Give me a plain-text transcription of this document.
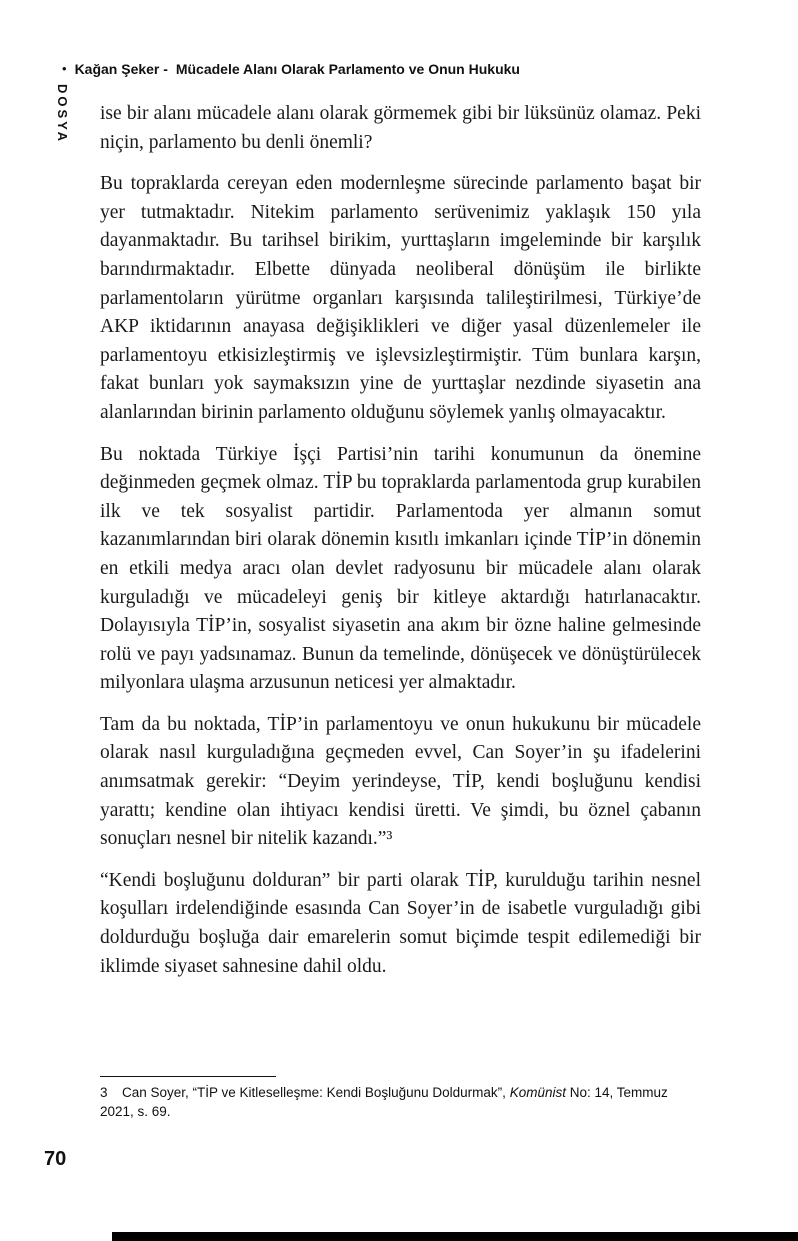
• Kağan Şeker - Mücadele Alanı Olarak Parlamento ve Onun Hukuku
DOSYA ise bir alanı mücadele alanı olarak görmemek gibi bir lüksünüz olamaz. Peki niçin, parlamento bu denli önemli?

Bu topraklarda cereyan eden modernleşme sürecinde parlamento başat bir yer tutmaktadır. Nitekim parlamento serüvenimiz yaklaşık 150 yıla dayanmaktadır. Bu tarihsel birikim, yurttaşların imgeleminde bir karşılık barındırmaktadır. Elbette dünyada neoliberal dönüşüm ile birlikte parlamentoların yürütme organları karşısında talileştirilmesi, Türkiye’de AKP iktidarının anayasa değişiklikleri ve diğer yasal düzenlemeler ile parlamentoyu etkisizleştirmiş ve işlevsizleştirmiştir. Tüm bunlara karşın, fakat bunları yok saymaksızın yine de yurttaşlar nezdinde siyasetin ana alanlarından birinin parlamento olduğunu söylemek yanlış olmayacaktır.

Bu noktada Türkiye İşçi Partisi’nin tarihi konumunun da önemine değinmeden geçmek olmaz. TİP bu topraklarda parlamentoda grup kurabilen ilk ve tek sosyalist partidir. Parlamentoda yer almanın somut kazanımlarından biri olarak dönemin kısıtlı imkanları içinde TİP’in dönemin en etkili medya aracı olan devlet radyosunu bir mücadele alanı olarak kurguladığı ve mücadeleyi geniş bir kitleye aktardığı hatırlanacaktır. Dolayısıyla TİP’in, sosyalist siyasetin ana akım bir özne haline gelmesinde rolü ve payı yadsınamaz. Bunun da temelinde, dönüşecek ve dönüştürülecek milyonlara ulaşma arzusunun neticesi yer almaktadır.

Tam da bu noktada, TİP’in parlamentoyu ve onun hukukunu bir mücadele olarak nasıl kurguladığına geçmeden evvel, Can Soyer’in şu ifadelerini anımsatmak gerekir: “Deyim yerindeyse, TİP, kendi boşluğunu kendisi yarattı; kendine olan ihtiyacı kendisi üretti. Ve şimdi, bu öznel çabanın sonuçları nesnel bir nitelik kazandı.”³

“Kendi boşluğunu dolduran” bir parti olarak TİP, kurulduğu tarihin nesnel koşulları irdelendiğinde esasında Can Soyer’in de isabetle vurguladığı gibi doldurduğu boşluğa dair emarelerin somut biçimde tespit edilemediği bir iklimde siyaset sahnesine dahil oldu.

3 Can Soyer, “TİP ve Kitleselleşme: Kendi Boşluğunu Doldurmak”, Komünist No: 14, Temmuz 2021, s. 69.
70
